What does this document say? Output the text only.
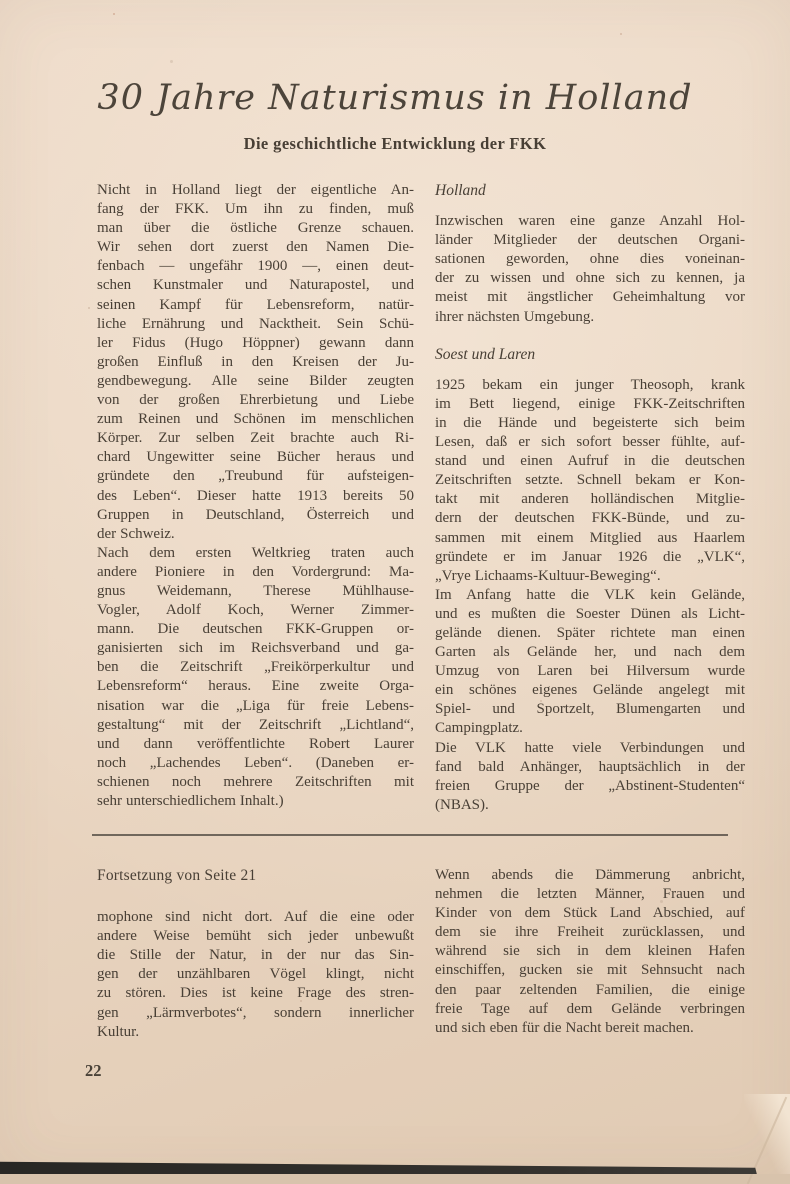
30 Jahre Naturismus in Holland
Die geschichtliche Entwicklung der FKK
Nicht in Holland liegt der eigentliche An-
fang der FKK. Um ihn zu finden, muß
man über die östliche Grenze schauen.
Wir sehen dort zuerst den Namen Die-
fenbach — ungefähr 1900 —, einen deut-
schen Kunstmaler und Naturapostel, und
seinen Kampf für Lebensreform, natür-
liche Ernährung und Nacktheit. Sein Schü-
ler Fidus (Hugo Höppner) gewann dann
großen Einfluß in den Kreisen der Ju-
gendbewegung. Alle seine Bilder zeugten
von der großen Ehrerbietung und Liebe
zum Reinen und Schönen im menschlichen
Körper. Zur selben Zeit brachte auch Ri-
chard Ungewitter seine Bücher heraus und
gründete den „Treubund für aufsteigen-
des Leben“. Dieser hatte 1913 bereits 50
Gruppen in Deutschland, Österreich und
der Schweiz.
Nach dem ersten Weltkrieg traten auch
andere Pioniere in den Vordergrund: Ma-
gnus Weidemann, Therese Mühlhause-
Vogler, Adolf Koch, Werner Zimmer-
mann. Die deutschen FKK-Gruppen or-
ganisierten sich im Reichsverband und ga-
ben die Zeitschrift „Freikörperkultur und
Lebensreform“ heraus. Eine zweite Orga-
nisation war die „Liga für freie Lebens-
gestaltung“ mit der Zeitschrift „Lichtland“,
und dann veröffentlichte Robert Laurer
noch „Lachendes Leben“. (Daneben er-
schienen noch mehrere Zeitschriften mit
sehr unterschiedlichem Inhalt.)
Holland
Inzwischen waren eine ganze Anzahl Hol-
länder Mitglieder der deutschen Organi-
sationen geworden, ohne dies voneinan-
der zu wissen und ohne sich zu kennen, ja
meist mit ängstlicher Geheimhaltung vor
ihrer nächsten Umgebung.
Soest und Laren
1925 bekam ein junger Theosoph, krank
im Bett liegend, einige FKK-Zeitschriften
in die Hände und begeisterte sich beim
Lesen, daß er sich sofort besser fühlte, auf-
stand und einen Aufruf in die deutschen
Zeitschriften setzte. Schnell bekam er Kon-
takt mit anderen holländischen Mitglie-
dern der deutschen FKK-Bünde, und zu-
sammen mit einem Mitglied aus Haarlem
gründete er im Januar 1926 die „VLK“,
„Vrye Lichaams-Kultuur-Beweging“.
Im Anfang hatte die VLK kein Gelände,
und es mußten die Soester Dünen als Licht-
gelände dienen. Später richtete man einen
Garten als Gelände her, und nach dem
Umzug von Laren bei Hilversum wurde
ein schönes eigenes Gelände angelegt mit
Spiel- und Sportzelt, Blumengarten und
Campingplatz.
Die VLK hatte viele Verbindungen und
fand bald Anhänger, hauptsächlich in der
freien Gruppe der „Abstinent-Studenten“
(NBAS).
Fortsetzung von Seite 21
mophone sind nicht dort. Auf die eine oder
andere Weise bemüht sich jeder unbewußt
die Stille der Natur, in der nur das Sin-
gen der unzählbaren Vögel klingt, nicht
zu stören. Dies ist keine Frage des stren-
gen „Lärmverbotes“, sondern innerlicher
Kultur.
Wenn abends die Dämmerung anbricht,
nehmen die letzten Männer, Frauen und
Kinder von dem Stück Land Abschied, auf
dem sie ihre Freiheit zurücklassen, und
während sie sich in dem kleinen Hafen
einschiffen, gucken sie mit Sehnsucht nach
den paar zeltenden Familien, die einige
freie Tage auf dem Gelände verbringen
und sich eben für die Nacht bereit machen.
22
